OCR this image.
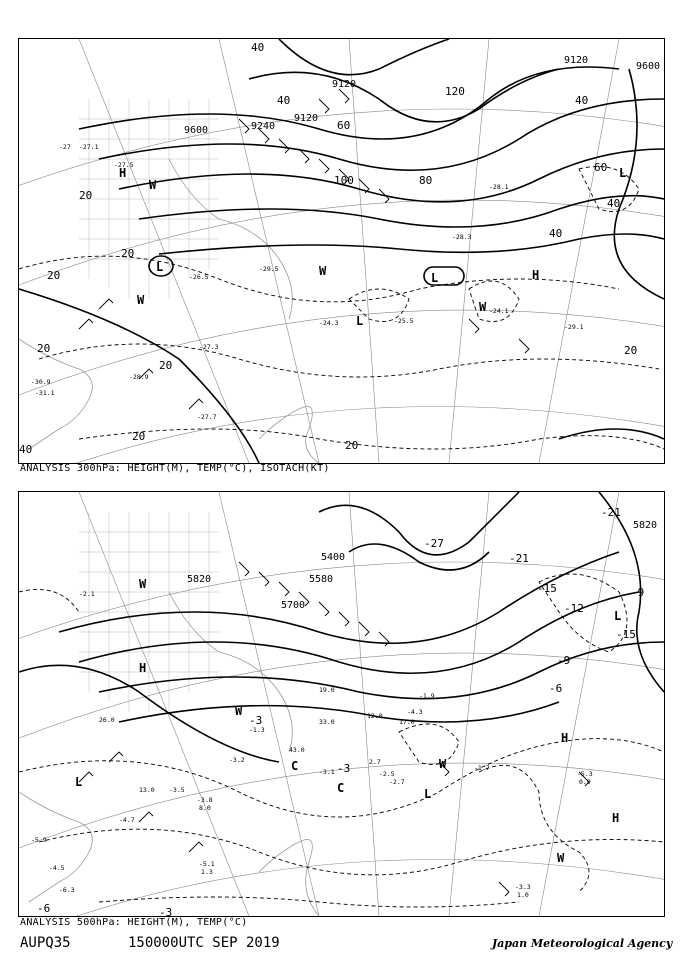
9120
9600
9120
9120
9600
9240
40
20
40
60
80
100
120
60
40
20
20
20
20
20
20
40
40
20
40
H
H
L
L
L
L
W
W
W
W
-27
-27.5
-28.3
-29.5
-25.5
-24.3
-27.7
-31.1
-28.9
-24.1
-29.1
-26.5
-27.3
-30.9
-27.1
-28.1
ANALYSIS 300hPa: HEIGHT(M), TEMP(°C), ISOTACH(KT)
5820
5820
5700
5400
5580
-21
-27
-21
-15
-12
-9
-9
-15
-3
-3
-6
-6	-3
H
H
H
L
L
L
W
W
W
W
C
C
-5.3
-1.7
-3.3
-5.1
-3.8
-4.5
-3.1	-2.5
-1.3
-3.5
-2.1
-4.7
-5.9
-3.2
-1.9
-4.3
-6.3
-2.7	0.9
1.0
1.3
8.0
13.0
19.0
26.0	33.0
12.0
17.0
2.7
43.0
ANALYSIS 500hPa: HEIGHT(M), TEMP(°C)
AUPQ35	150000UTC SEP 2019	Japan Meteorological Agency
